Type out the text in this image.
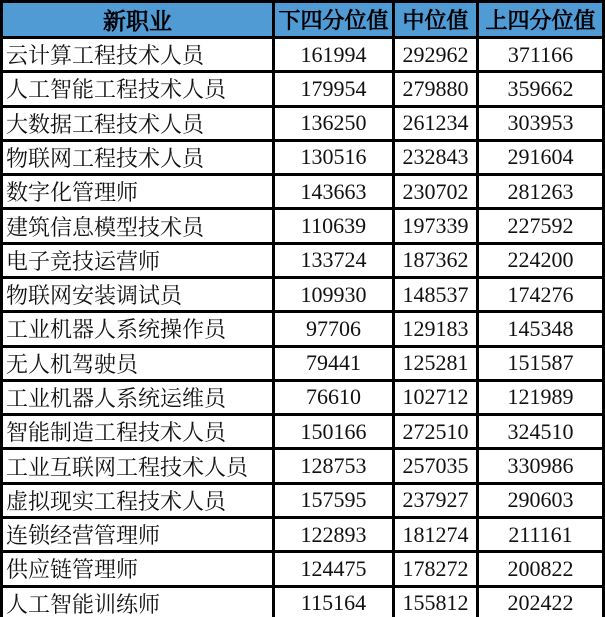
新职业	下四分位值	中位值	上四分位值
云计算工程技术人员	161994	292962	371166
人工智能工程技术人员	179954	279880	359662
大数据工程技术人员	136250	261234	303953
物联网工程技术人员	130516	232843	291604
数字化管理师	143663	230702	281263
建筑信息模型技术员	110639	197339	227592
电子竞技运营师	133724	187362	224200
物联网安装调试员	109930	148537	174276
工业机器人系统操作员	97706	129183	145348
无人机驾驶员	79441	125281	151587
工业机器人系统运维员	76610	102712	121989
智能制造工程技术人员	150166	272510	324510
工业互联网工程技术人员	128753	257035	330986
虚拟现实工程技术人员	157595	237927	290603
连锁经营管理师	122893	181274	211161
供应链管理师	124475	178272	200822
人工智能训练师	115164	155812	202422
